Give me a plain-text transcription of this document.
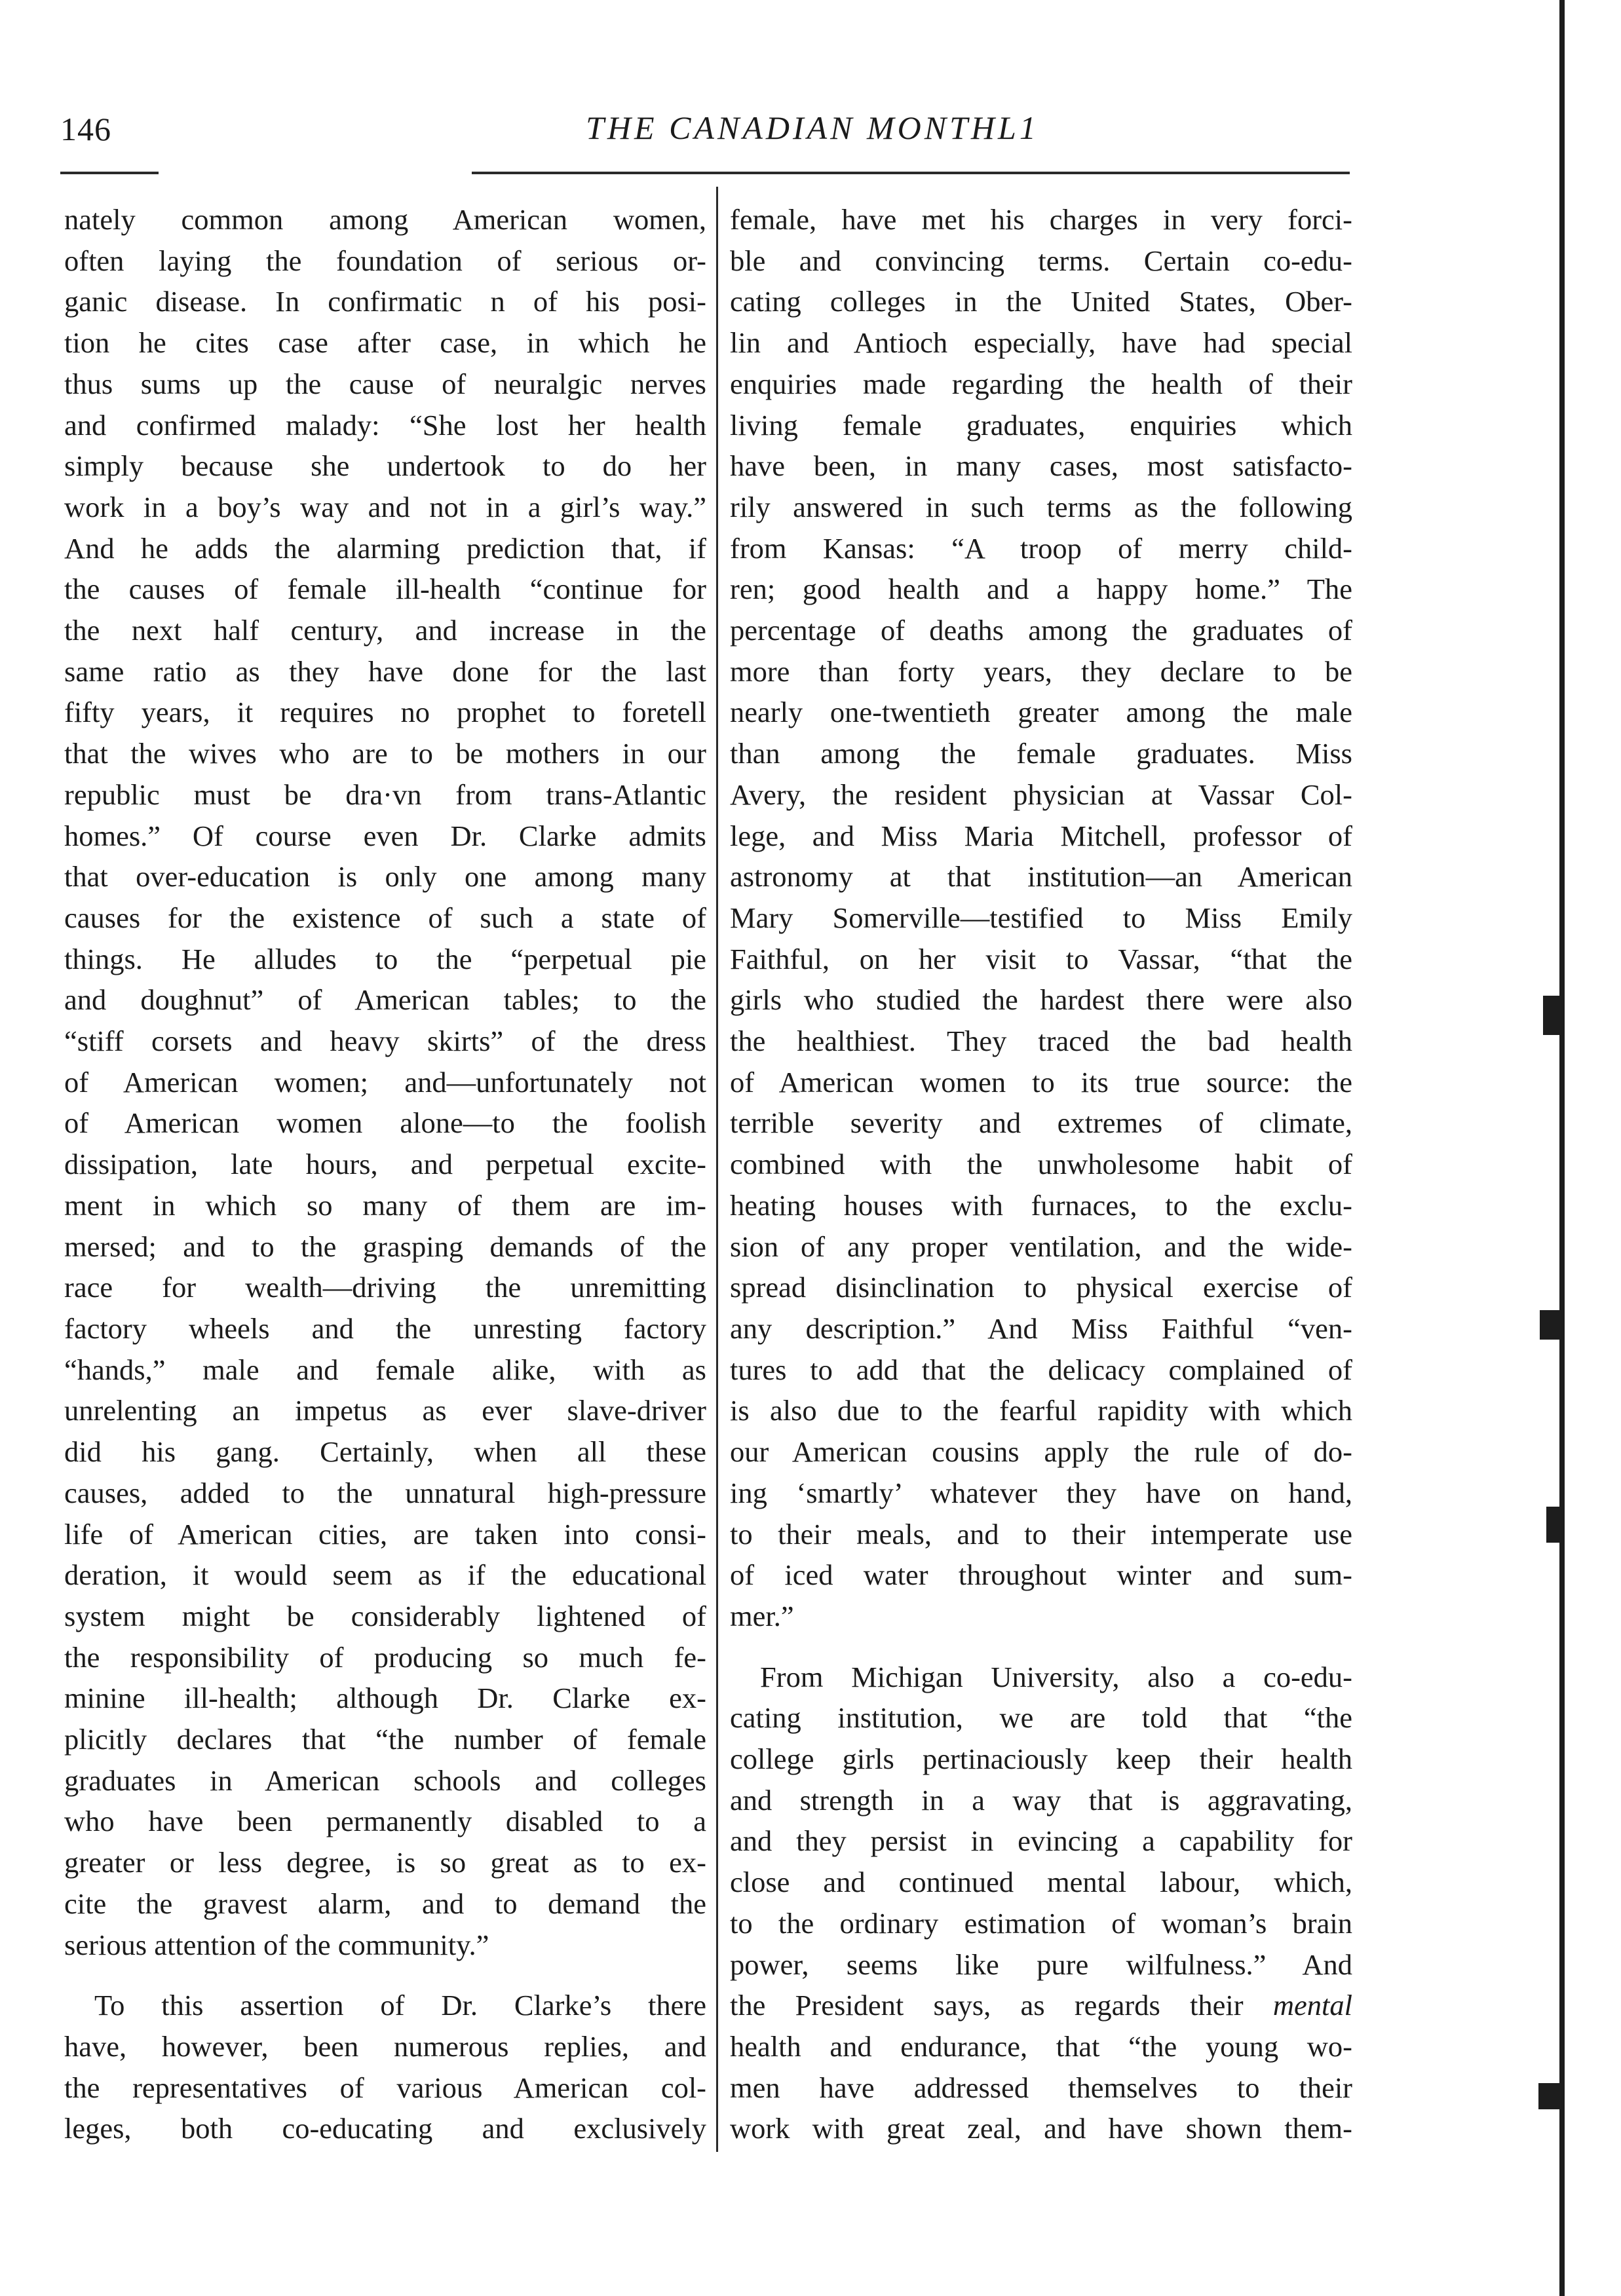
146	THE CANADIAN MONTHL1

nately common among American women,
often laying the foundation of serious or-
ganic disease. In confirmatic n of his posi-
tion he cites case after case, in which he
thus sums up the cause of neuralgic nerves
and confirmed malady: “She lost her health
simply because she undertook to do her
work in a boy’s way and not in a girl’s way.”
And he adds the alarming prediction that, if
the causes of female ill-health “continue for
the next half century, and increase in the
same ratio as they have done for the last
fifty years, it requires no prophet to foretell
that the wives who are to be mothers in our
republic must be dra·vn from trans-Atlantic
homes.” Of course even Dr. Clarke admits
that over-education is only one among many
causes for the existence of such a state of
things. He alludes to the “perpetual pie
and doughnut” of American tables; to the
“stiff corsets and heavy skirts” of the dress
of American women; and—unfortunately not
of American women alone—to the foolish
dissipation, late hours, and perpetual excite-
ment in which so many of them are im-
mersed; and to the grasping demands of the
race for wealth—driving the unremitting
factory wheels and the unresting factory
“hands,” male and female alike, with as
unrelenting an impetus as ever slave-driver
did his gang. Certainly, when all these
causes, added to the unnatural high-pressure
life of American cities, are taken into consi-
deration, it would seem as if the educational
system might be considerably lightened of
the responsibility of producing so much fe-
minine ill-health; although Dr. Clarke ex-
plicitly declares that “the number of female
graduates in American schools and colleges
who have been permanently disabled to a
greater or less degree, is so great as to ex-
cite the gravest alarm, and to demand the
serious attention of the community.”

To this assertion of Dr. Clarke’s there
have, however, been numerous replies, and
the representatives of various American col-
leges, both co-educating and exclusively

female, have met his charges in very forci-
ble and convincing terms. Certain co-edu-
cating colleges in the United States, Ober-
lin and Antioch especially, have had special
enquiries made regarding the health of their
living female graduates, enquiries which
have been, in many cases, most satisfacto-
rily answered in such terms as the following
from Kansas: “A troop of merry child-
ren; good health and a happy home.” The
percentage of deaths among the graduates of
more than forty years, they declare to be
nearly one-twentieth greater among the male
than among the female graduates. Miss
Avery, the resident physician at Vassar Col-
lege, and Miss Maria Mitchell, professor of
astronomy at that institution—an American
Mary Somerville—testified to Miss Emily
Faithful, on her visit to Vassar, “that the
girls who studied the hardest there were also
the healthiest. They traced the bad health
of American women to its true source: the
terrible severity and extremes of climate,
combined with the unwholesome habit of
heating houses with furnaces, to the exclu-
sion of any proper ventilation, and the wide-
spread disinclination to physical exercise of
any description.” And Miss Faithful “ven-
tures to add that the delicacy complained of
is also due to the fearful rapidity with which
our American cousins apply the rule of do-
ing ‘smartly’ whatever they have on hand,
to their meals, and to their intemperate use
of iced water throughout winter and sum-
mer.”

From Michigan University, also a co-edu-
cating institution, we are told that “the
college girls pertinaciously keep their health
and strength in a way that is aggravating,
and they persist in evincing a capability for
close and continued mental labour, which,
to the ordinary estimation of woman’s brain
power, seems like pure wilfulness.” And
the President says, as regards their mental
health and endurance, that “the young wo-
men have addressed themselves to their
work with great zeal, and have shown them-
